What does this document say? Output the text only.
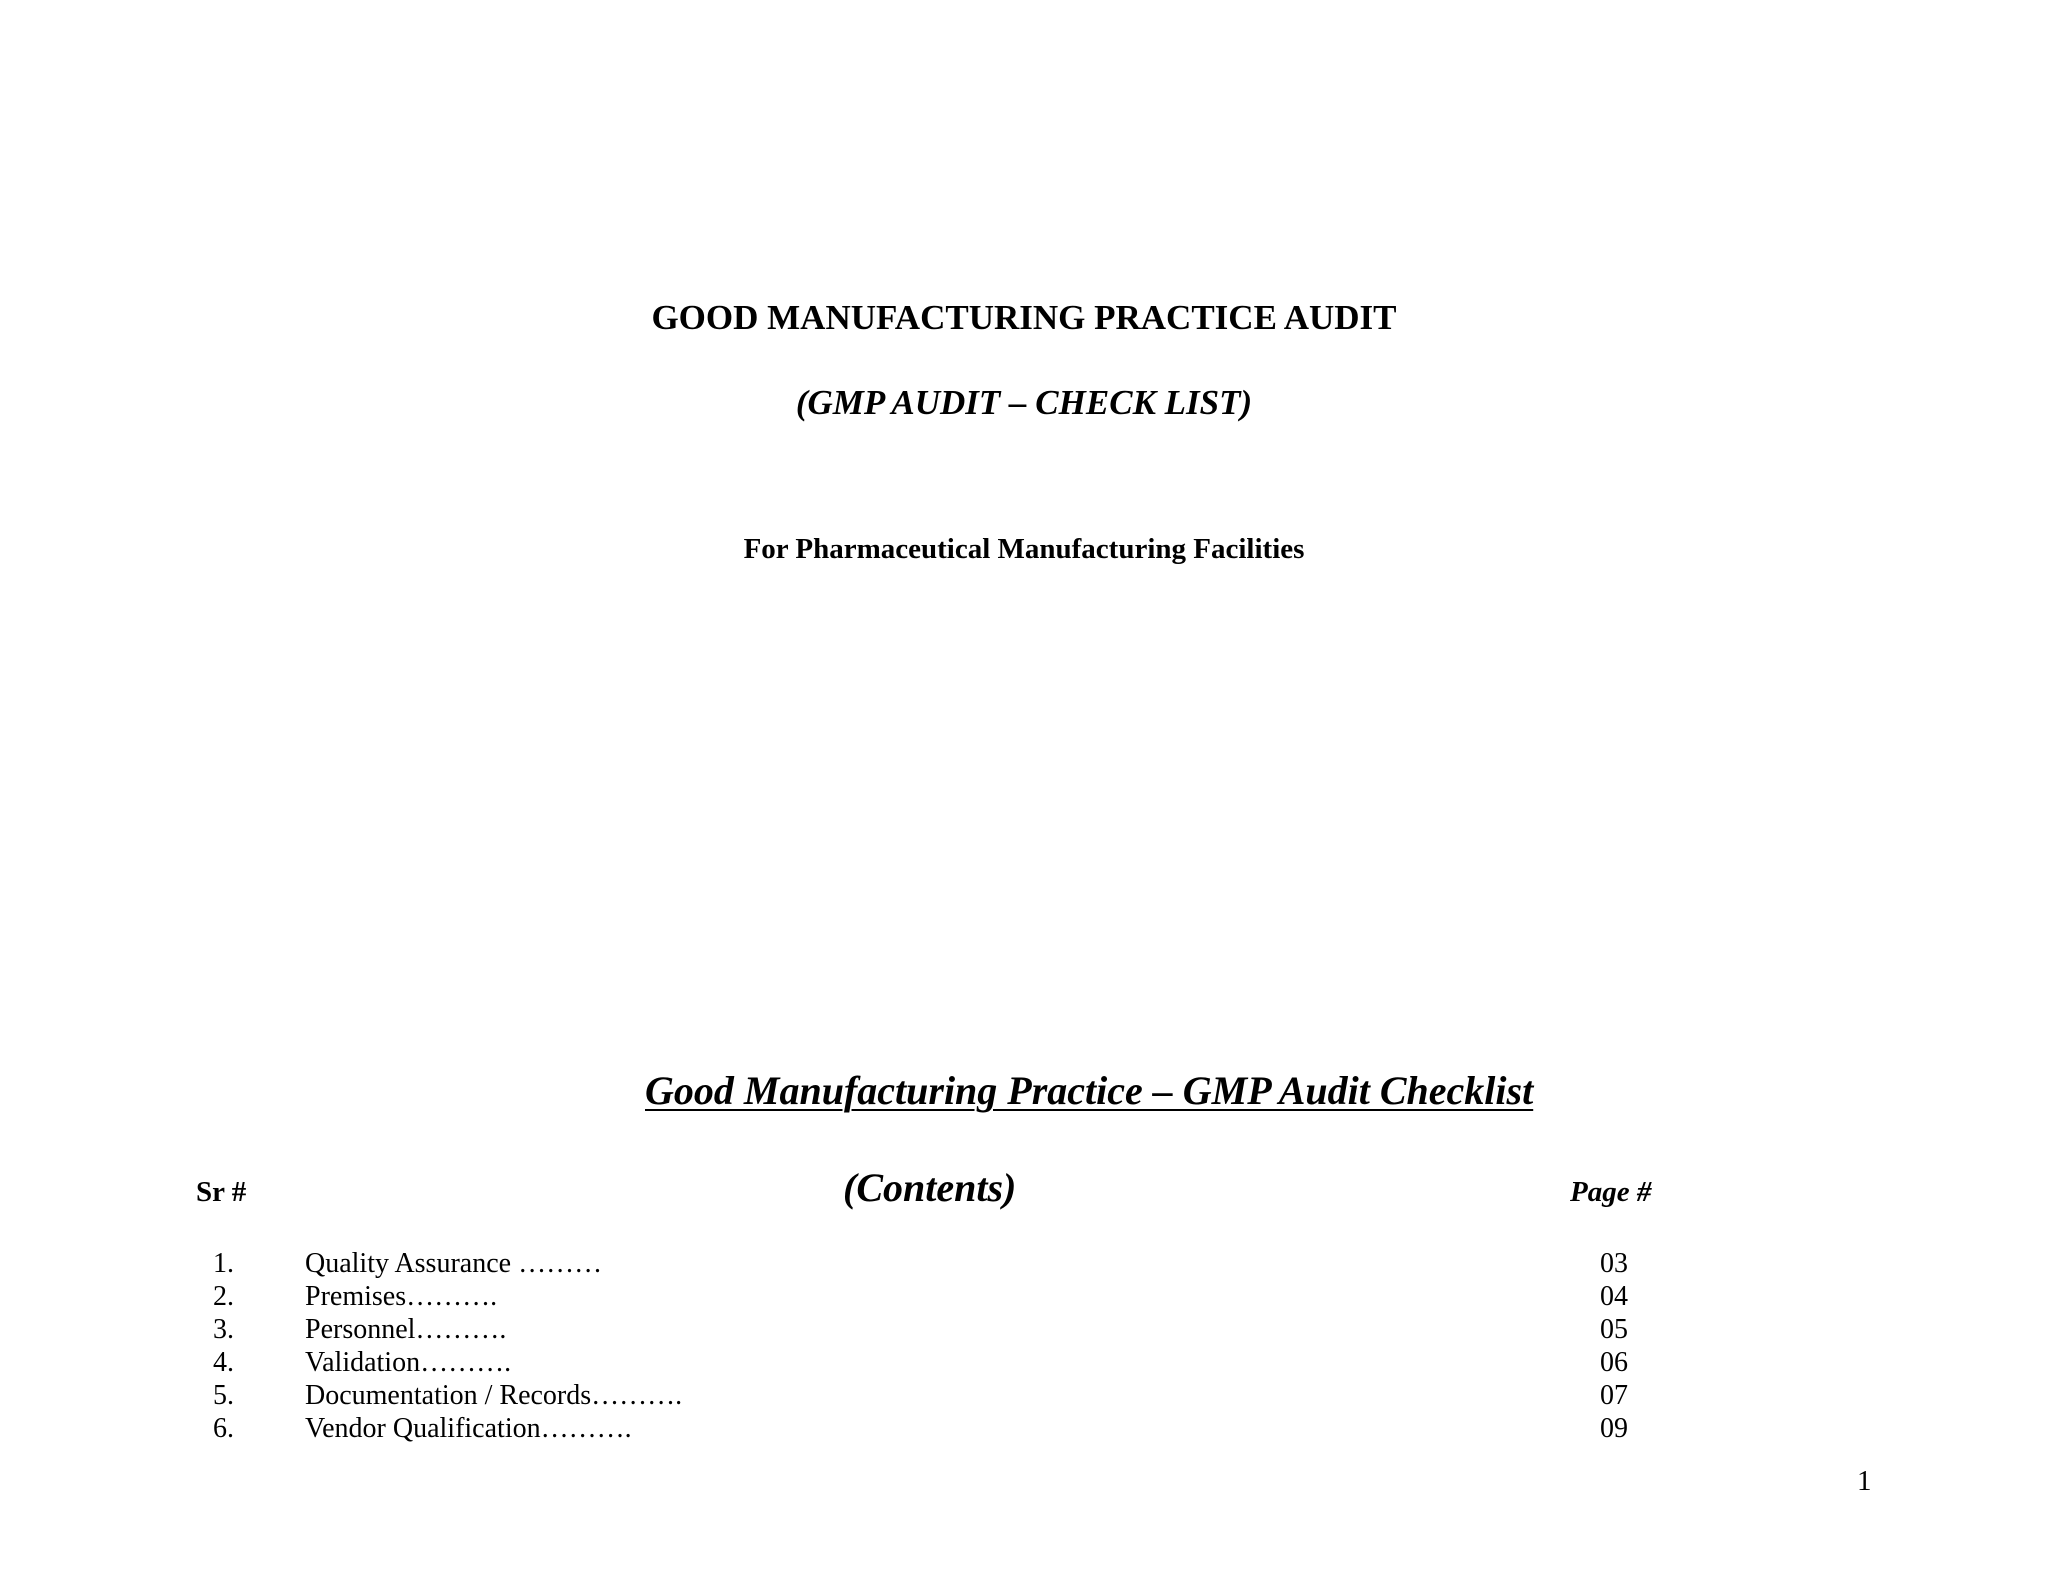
GOOD MANUFACTURING PRACTICE AUDIT
(GMP AUDIT – CHECK LIST)
For Pharmaceutical Manufacturing Facilities
Good Manufacturing Practice – GMP Audit Checklist
Sr #	(Contents)	Page #
1.	Quality Assurance ………	03
2.	Premises……….	04
3.	Personnel……….	05
4.	Validation……….	06
5.	Documentation / Records……….	07
6.	Vendor Qualification……….	09
1
